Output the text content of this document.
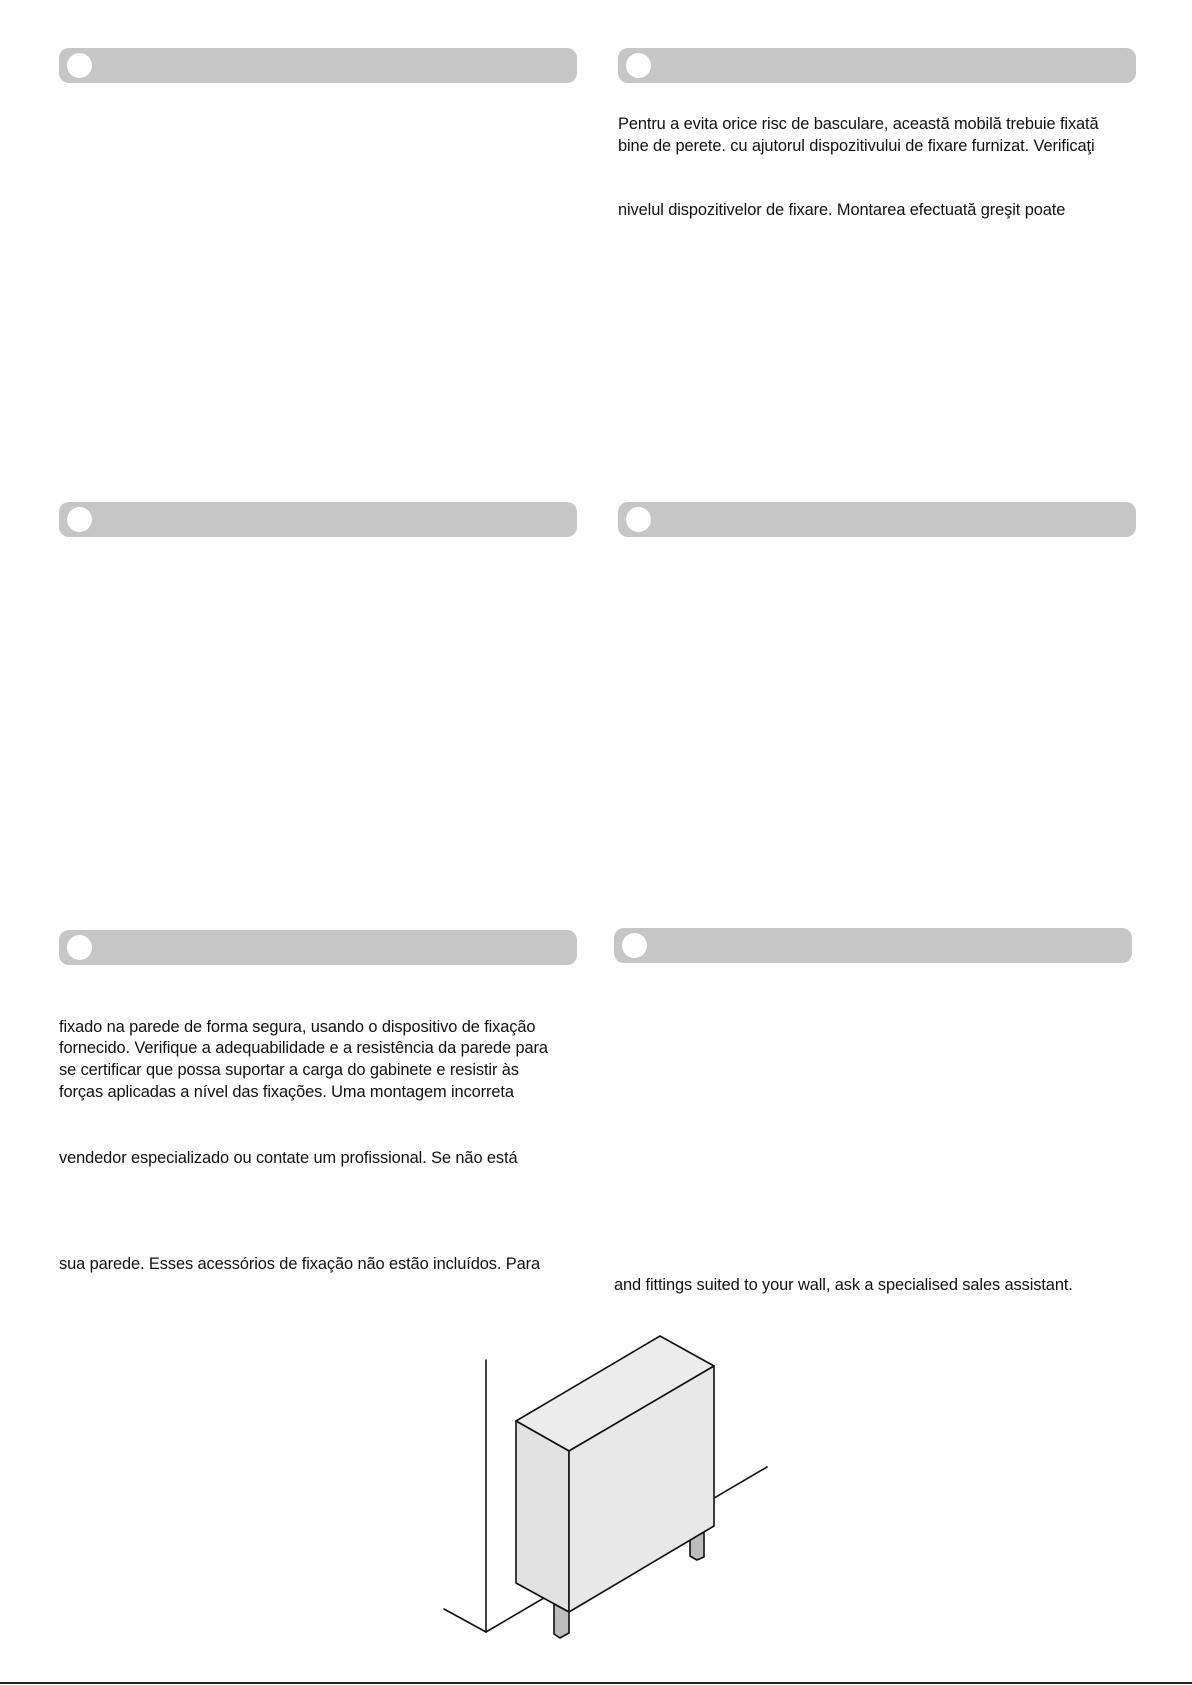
Pentru a evita orice risc de basculare, această mobilă trebuie fixată
bine de perete. cu ajutorul dispozitivului de fixare furnizat. Verificaţi
nivelul dispozitivelor de fixare. Montarea efectuată greşit poate
fixado na parede de forma segura, usando o dispositivo de fixação
fornecido. Verifique a adequabilidade e a resistência da parede para
se certificar que possa suportar a carga do gabinete e resistir às
forças aplicadas a nível das fixações. Uma montagem incorreta
vendedor especializado ou contate um profissional. Se não está
sua parede. Esses acessórios de fixação não estão incluídos. Para
and fittings suited to your wall, ask a specialised sales assistant.
